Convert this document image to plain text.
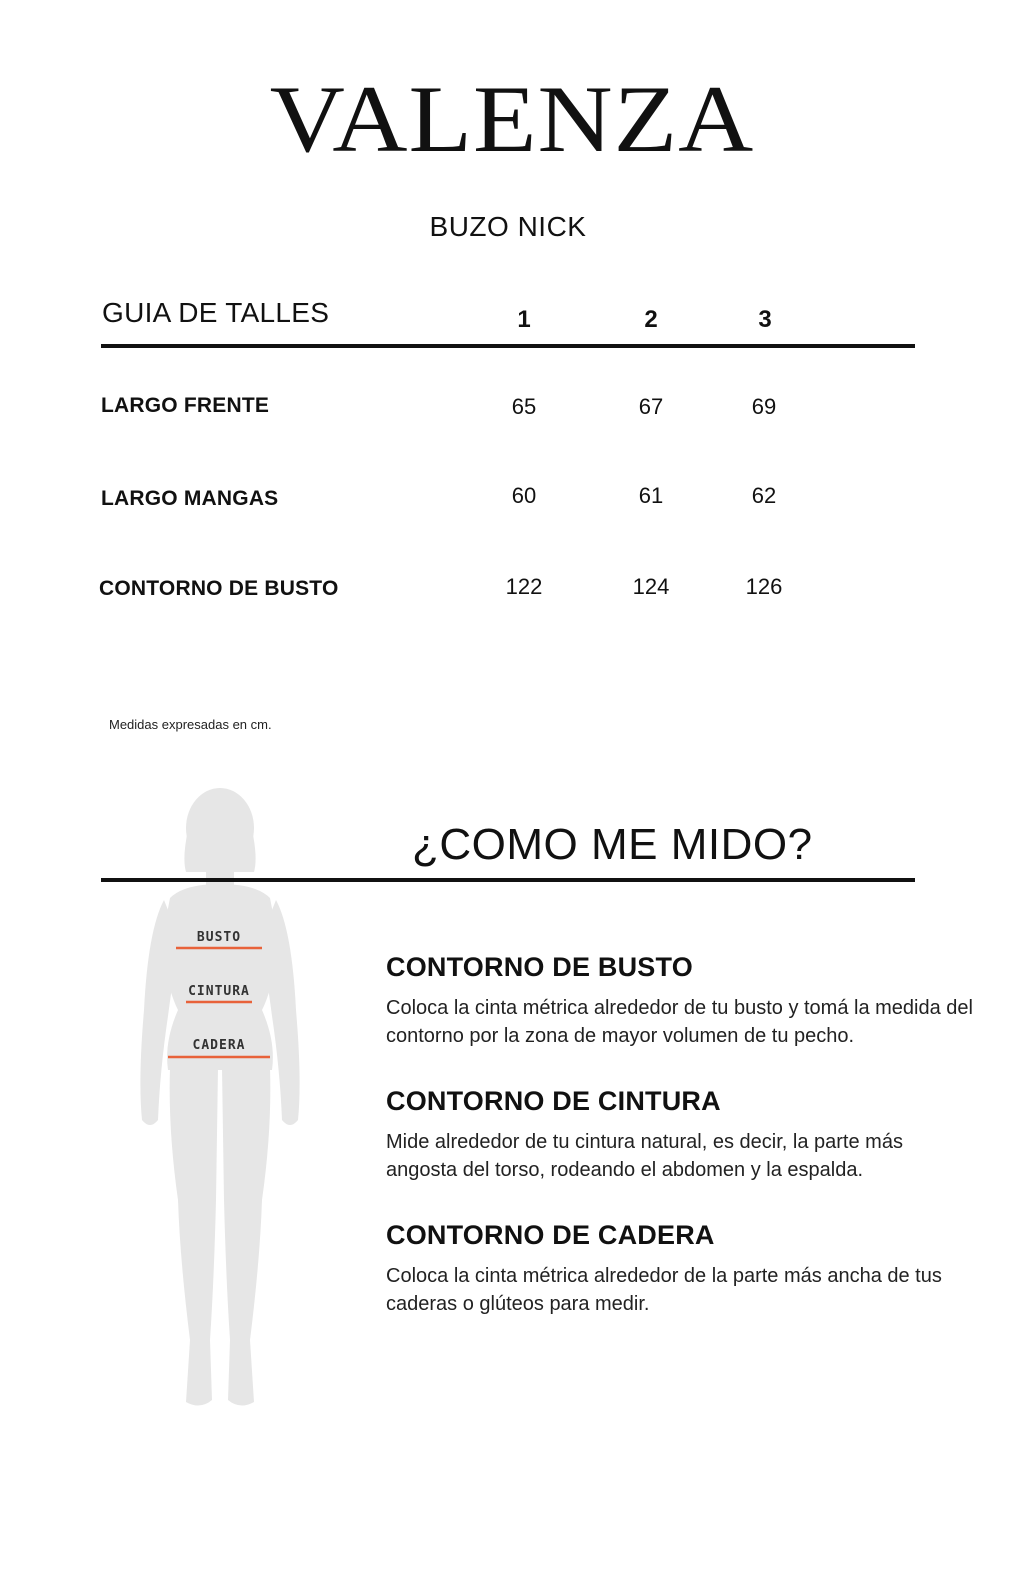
VALENZA
BUZO NICK
GUIA DE TALLES	1	2	3
LARGO FRENTE	65	67	69
LARGO MANGAS	60	61	62
CONTORNO DE BUSTO	122	124	126
Medidas expresadas en cm.
BUSTO
CINTURA
CADERA
¿COMO ME MIDO?
CONTORNO DE BUSTO
Coloca la cinta métrica alrededor de tu busto y tomá la medida del contorno por la zona de mayor volumen de tu pecho.
CONTORNO DE CINTURA
Mide alrededor de tu cintura natural, es decir, la parte más angosta del torso, rodeando el abdomen y la espalda.
CONTORNO DE CADERA
Coloca la cinta métrica alrededor de la parte más ancha de tus caderas o glúteos para medir.
